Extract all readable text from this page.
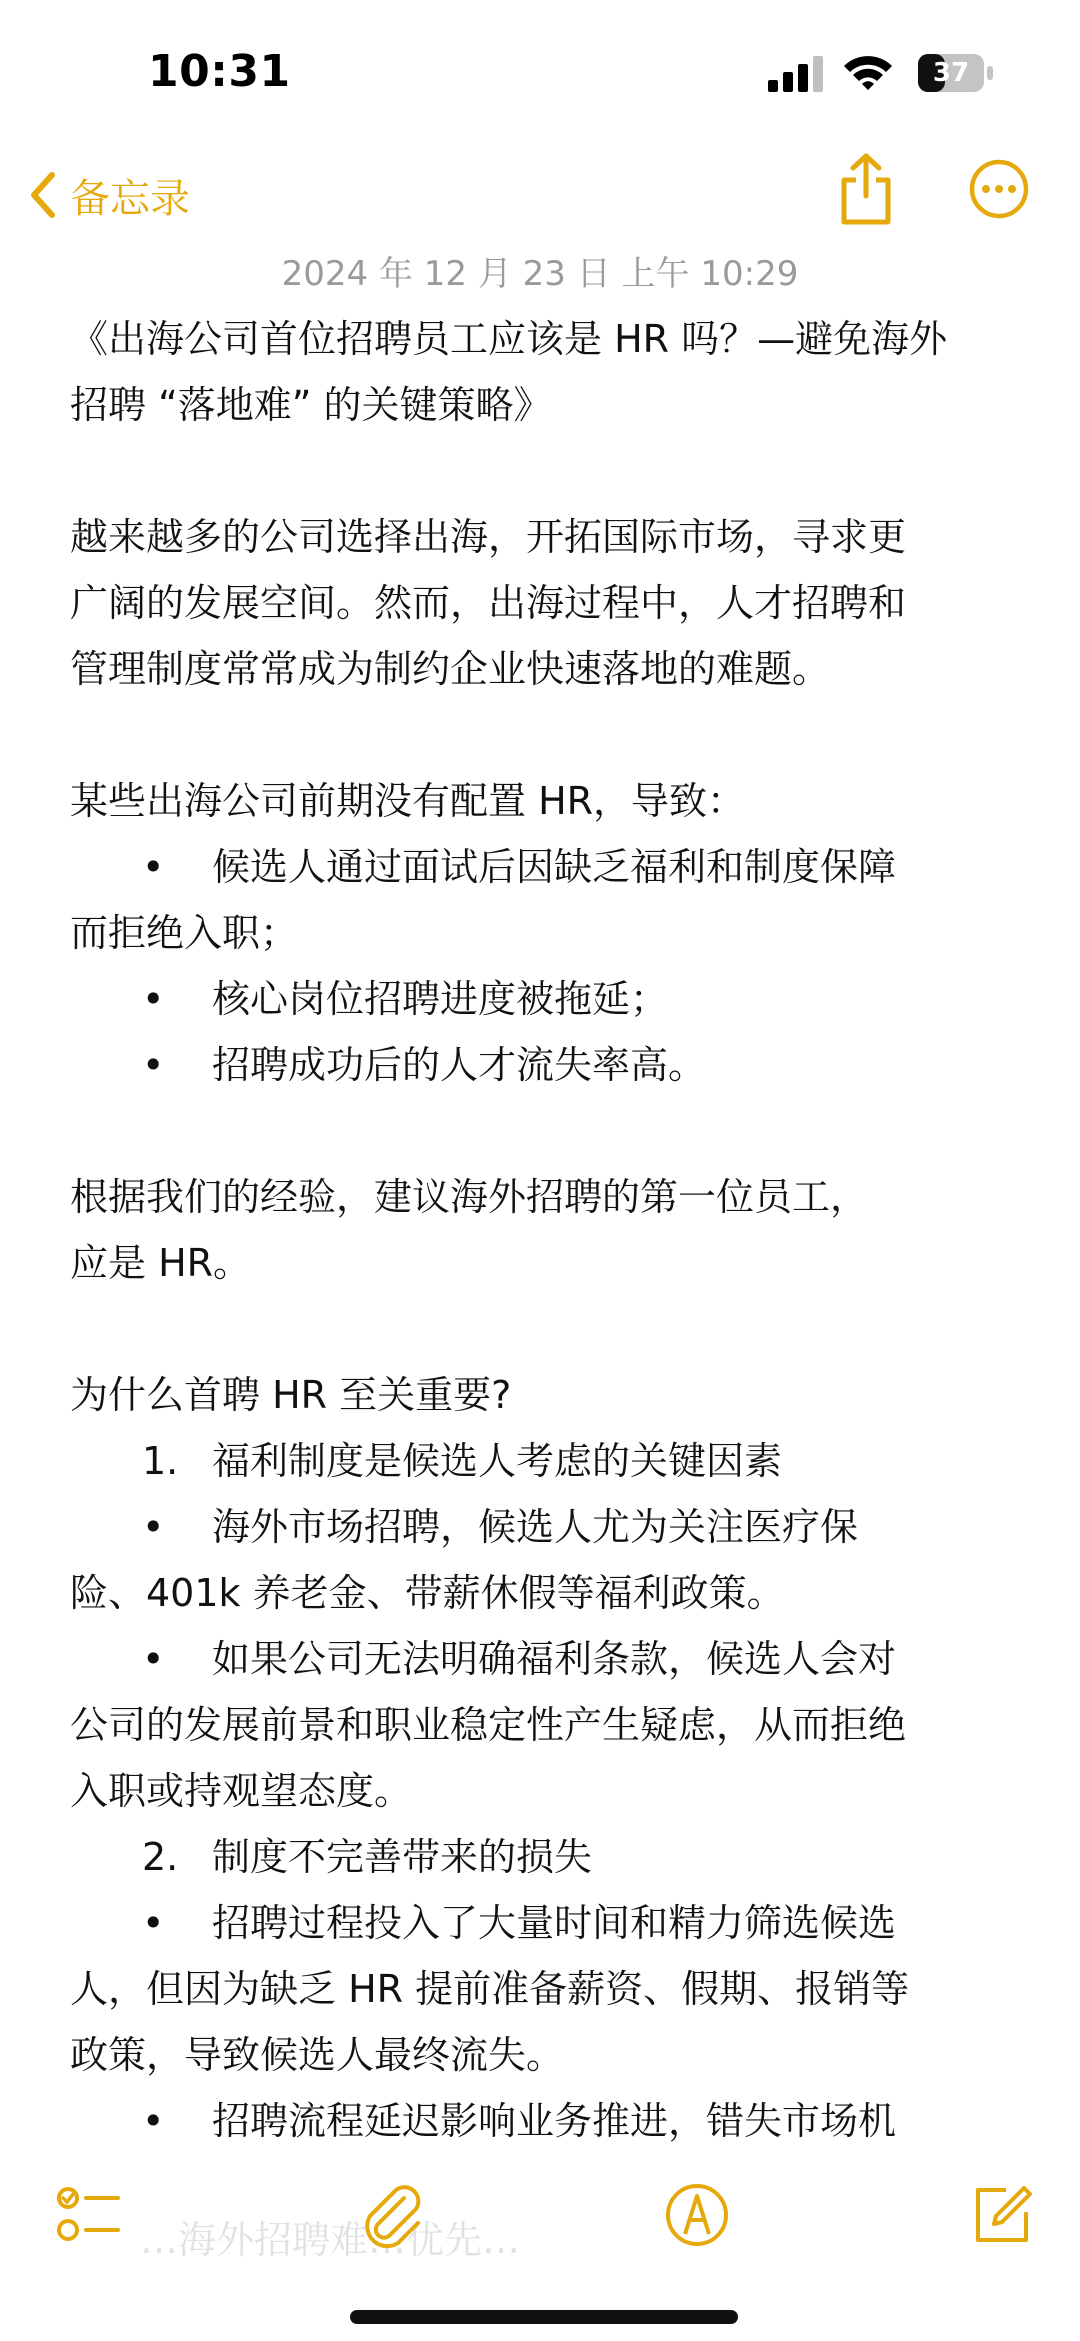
10:31	37
备忘录
2024 年 12 月 23 日 上午 10:29

《出海公司首位招聘员工应该是 HR 吗？—避免海外

招聘 “落地难” 的关键策略》

越来越多的公司选择出海，开拓国际市场，寻求更

广阔的发展空间。然而，出海过程中，人才招聘和

管理制度常常成为制约企业快速落地的难题。

某些出海公司前期没有配置 HR，导致：

• 候选人通过面试后因缺乏福利和制度保障

而拒绝入职；

• 核心岗位招聘进度被拖延；

• 招聘成功后的人才流失率高。

根据我们的经验，建议海外招聘的第一位员工，

应是 HR。

为什么首聘 HR 至关重要?

1. 福利制度是候选人考虑的关键因素

• 海外市场招聘，候选人尤为关注医疗保

险、401k 养老金、带薪休假等福利政策。

• 如果公司无法明确福利条款，候选人会对

公司的发展前景和职业稳定性产生疑虑，从而拒绝

入职或持观望态度。

2. 制度不完善带来的损失

• 招聘过程投入了大量时间和精力筛选候选

人，但因为缺乏 HR 提前准备薪资、假期、报销等

政策，导致候选人最终流失。

• 招聘流程延迟影响业务推进，错失市场机

…海外招聘难…优先…
